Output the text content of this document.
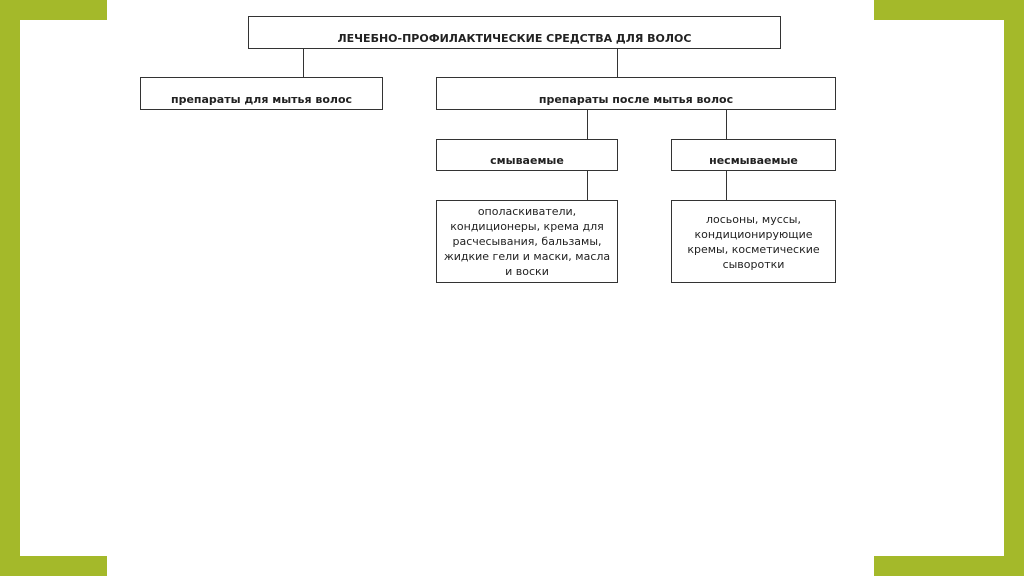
ЛЕЧЕБНО-ПРОФИЛАКТИЧЕСКИЕ СРЕДСТВА ДЛЯ ВОЛОС
препараты для мытья волос	препараты после мытья волос
смываемые	несмываемые
ополаскиватели, кондиционеры, крема для расчесывания, бальзамы, жидкие гели и маски, масла и воски
лосьоны, муссы, кондиционирующие кремы, косметические сыворотки
